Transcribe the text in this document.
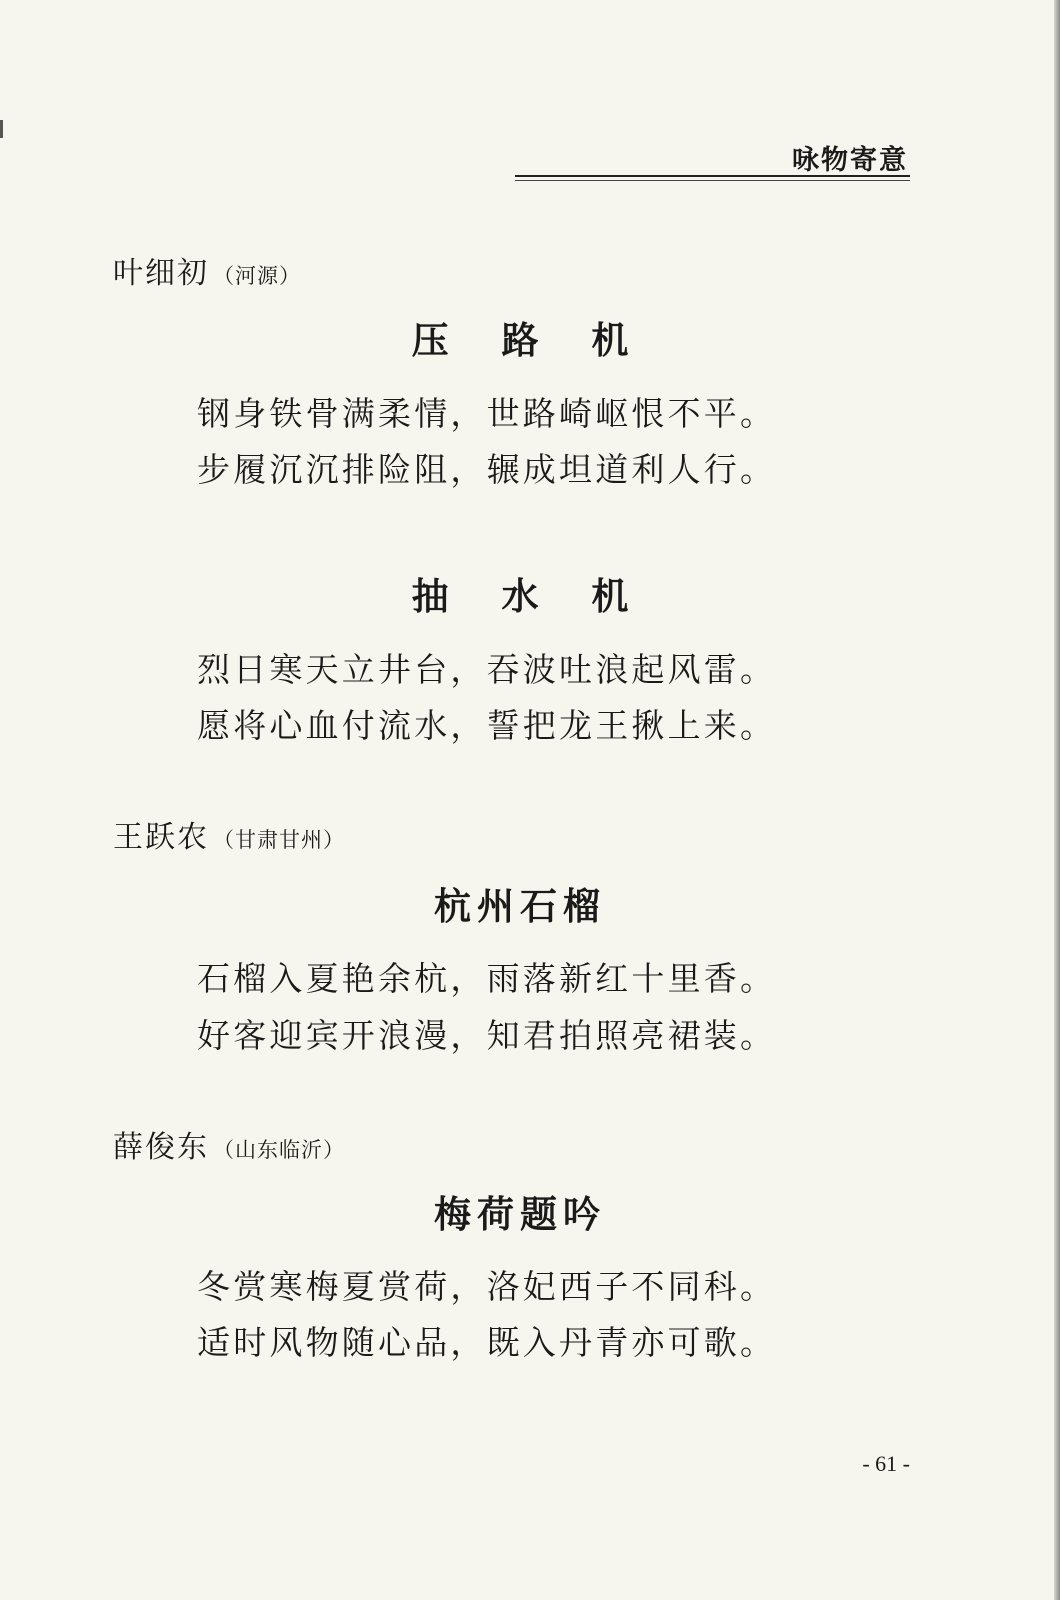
咏物寄意
叶细初 （河源）
压 路 机
钢身铁骨满柔情，世路崎岖恨不平。
步履沉沉排险阻，辗成坦道利人行。
抽 水 机
烈日寒天立井台，吞波吐浪起风雷。
愿将心血付流水，誓把龙王揪上来。
王跃农 （甘肃甘州）
杭州石榴
石榴入夏艳余杭，雨落新红十里香。
好客迎宾开浪漫，知君拍照亮裙装。
薛俊东 （山东临沂）
梅荷题吟
冬赏寒梅夏赏荷，洛妃西子不同科。
适时风物随心品，既入丹青亦可歌。
- 61 -
